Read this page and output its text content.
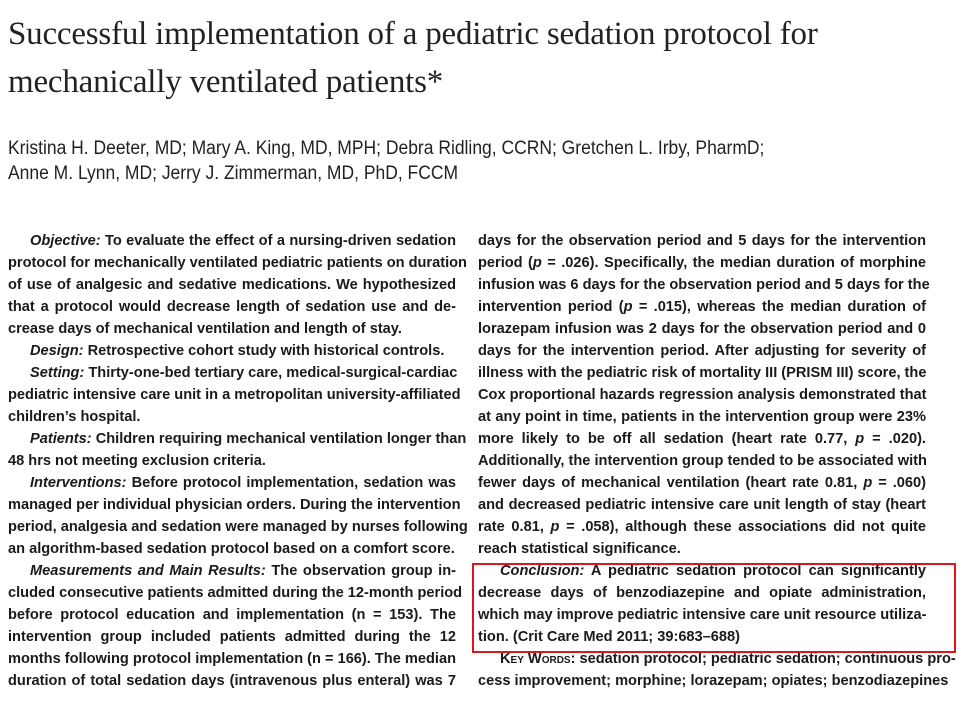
Successful implementation of a pediatric sedation protocol for
mechanically ventilated patients*
Kristina H. Deeter, MD; Mary A. King, MD, MPH; Debra Ridling, CCRN; Gretchen L. Irby, PharmD;
Anne M. Lynn, MD; Jerry J. Zimmerman, MD, PhD, FCCM
Objective: To evaluate the effect of a nursing-driven sedation
protocol for mechanically ventilated pediatric patients on duration
of use of analgesic and sedative medications. We hypothesized
that a protocol would decrease length of sedation use and de-
crease days of mechanical ventilation and length of stay.
Design: Retrospective cohort study with historical controls.
Setting: Thirty-one-bed tertiary care, medical-surgical-cardiac
pediatric intensive care unit in a metropolitan university-affiliated
children’s hospital.
Patients: Children requiring mechanical ventilation longer than
48 hrs not meeting exclusion criteria.
Interventions: Before protocol implementation, sedation was
managed per individual physician orders. During the intervention
period, analgesia and sedation were managed by nurses following
an algorithm-based sedation protocol based on a comfort score.
Measurements and Main Results: The observation group in-
cluded consecutive patients admitted during the 12-month period
before protocol education and implementation (n = 153). The
intervention group included patients admitted during the 12
months following protocol implementation (n = 166). The median
duration of total sedation days (intravenous plus enteral) was 7
days for the observation period and 5 days for the intervention
period (p = .026). Specifically, the median duration of morphine
infusion was 6 days for the observation period and 5 days for the
intervention period (p = .015), whereas the median duration of
lorazepam infusion was 2 days for the observation period and 0
days for the intervention period. After adjusting for severity of
illness with the pediatric risk of mortality III (PRISM III) score, the
Cox proportional hazards regression analysis demonstrated that
at any point in time, patients in the intervention group were 23%
more likely to be off all sedation (heart rate 0.77, p = .020).
Additionally, the intervention group tended to be associated with
fewer days of mechanical ventilation (heart rate 0.81, p = .060)
and decreased pediatric intensive care unit length of stay (heart
rate 0.81, p = .058), although these associations did not quite
reach statistical significance.
Conclusion: A pediatric sedation protocol can significantly
decrease days of benzodiazepine and opiate administration,
which may improve pediatric intensive care unit resource utiliza-
tion. (Crit Care Med 2011; 39:683–688)
Key Words: sedation protocol; pediatric sedation; continuous pro-
cess improvement; morphine; lorazepam; opiates; benzodiazepines
